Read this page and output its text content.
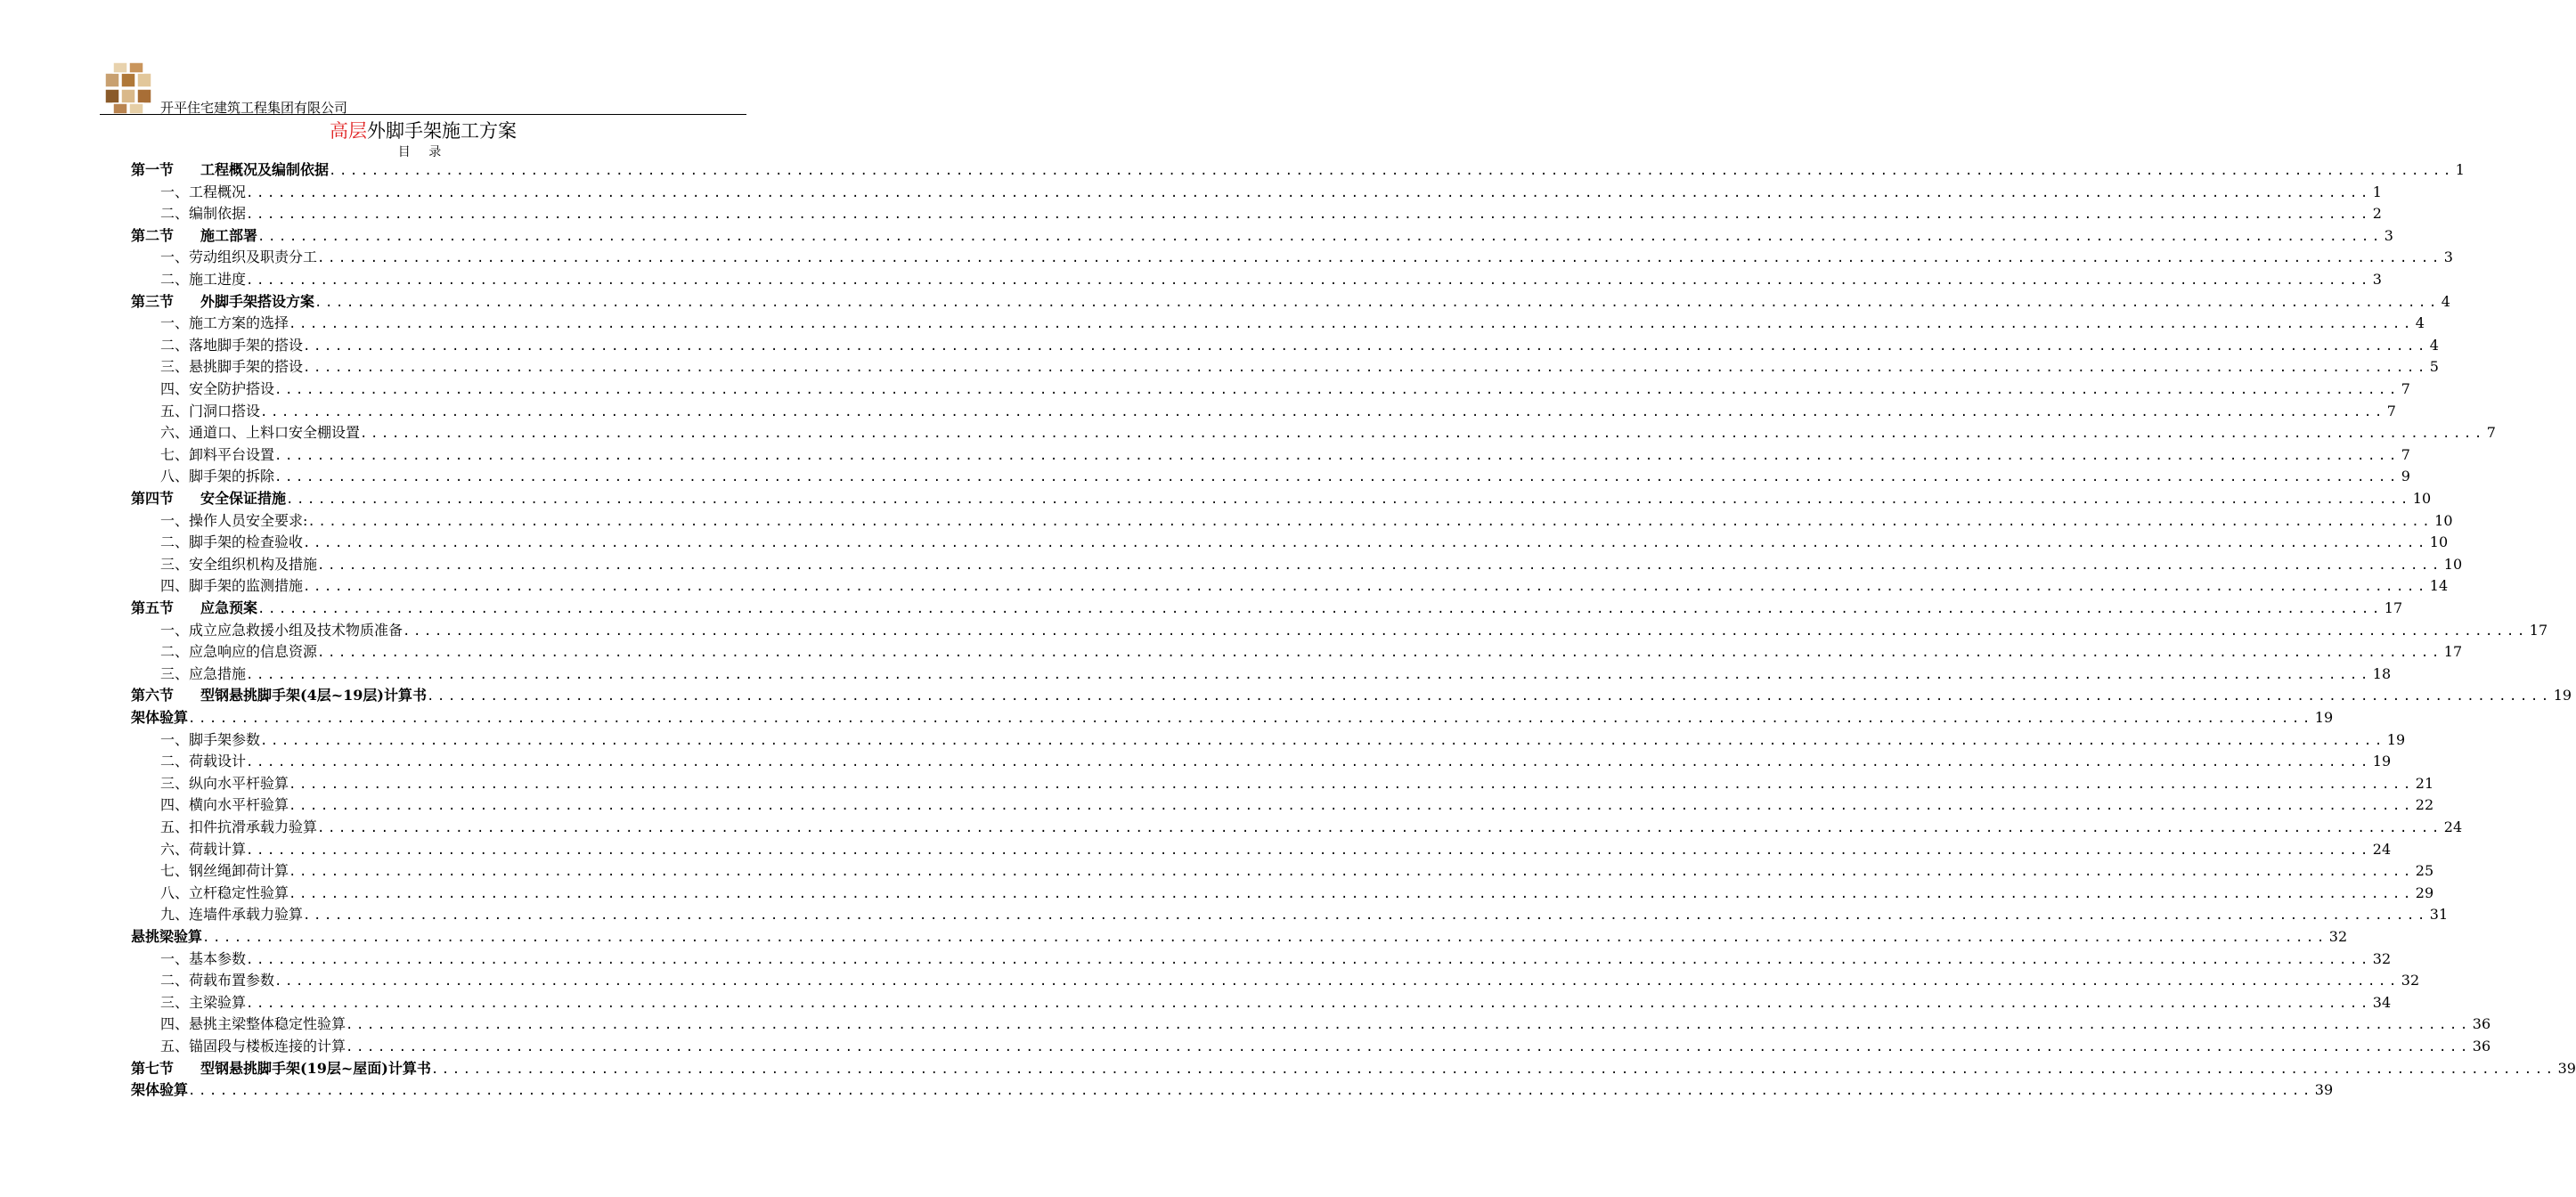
开平住宅建筑工程集团有限公司
高层外脚手架施工方案
目 录
第一节 工程概况及编制依据 ........................................................................................................................................................................................................ 1
一、 工程概况 ........................................................................................................................................................................................................ 1
二、 编制依据 ........................................................................................................................................................................................................ 2
第二节 施工部署 ........................................................................................................................................................................................................ 3
一、 劳动组织及职责分工 ........................................................................................................................................................................................................ 3
二、 施工进度 ........................................................................................................................................................................................................ 3
第三节 外脚手架搭设方案 ........................................................................................................................................................................................................ 4
一、 施工方案的选择 ........................................................................................................................................................................................................ 4
二、 落地脚手架的搭设 ........................................................................................................................................................................................................ 4
三、 悬挑脚手架的搭设 ........................................................................................................................................................................................................ 5
四、 安全防护搭设 ........................................................................................................................................................................................................ 7
五、 门洞口搭设 ........................................................................................................................................................................................................ 7
六、 通道口、上料口安全棚设置 ........................................................................................................................................................................................................ 7
七、 卸料平台设置 ........................................................................................................................................................................................................ 7
八、 脚手架的拆除 ........................................................................................................................................................................................................ 9
第四节 安全保证措施 ........................................................................................................................................................................................................ 10
一、 操作人员安全要求: ........................................................................................................................................................................................................ 10
二、 脚手架的检查验收 ........................................................................................................................................................................................................ 10
三、 安全组织机构及措施 ........................................................................................................................................................................................................ 10
四、 脚手架的监测措施 ........................................................................................................................................................................................................ 14
第五节 应急预案 ........................................................................................................................................................................................................ 17
一、 成立应急救援小组及技术物质准备 ........................................................................................................................................................................................................ 17
二、 应急响应的信息资源 ........................................................................................................................................................................................................ 17
三、 应急措施 ........................................................................................................................................................................................................ 18
第六节 型钢悬挑脚手架(4层~19层)计算书 ........................................................................................................................................................................................................ 19
架体验算 ........................................................................................................................................................................................................ 19
一、 脚手架参数 ........................................................................................................................................................................................................ 19
二、 荷载设计 ........................................................................................................................................................................................................ 19
三、 纵向水平杆验算 ........................................................................................................................................................................................................ 21
四、 横向水平杆验算 ........................................................................................................................................................................................................ 22
五、 扣件抗滑承载力验算 ........................................................................................................................................................................................................ 24
六、 荷载计算 ........................................................................................................................................................................................................ 24
七、 钢丝绳卸荷计算 ........................................................................................................................................................................................................ 25
八、 立杆稳定性验算 ........................................................................................................................................................................................................ 29
九、 连墙件承载力验算 ........................................................................................................................................................................................................ 31
悬挑梁验算 ........................................................................................................................................................................................................ 32
一、 基本参数 ........................................................................................................................................................................................................ 32
二、 荷载布置参数 ........................................................................................................................................................................................................ 32
三、 主梁验算 ........................................................................................................................................................................................................ 34
四、 悬挑主梁整体稳定性验算 ........................................................................................................................................................................................................ 36
五、 锚固段与楼板连接的计算 ........................................................................................................................................................................................................ 36
第七节 型钢悬挑脚手架(19层~屋面)计算书 ........................................................................................................................................................................................................ 39
架体验算 ........................................................................................................................................................................................................ 39
